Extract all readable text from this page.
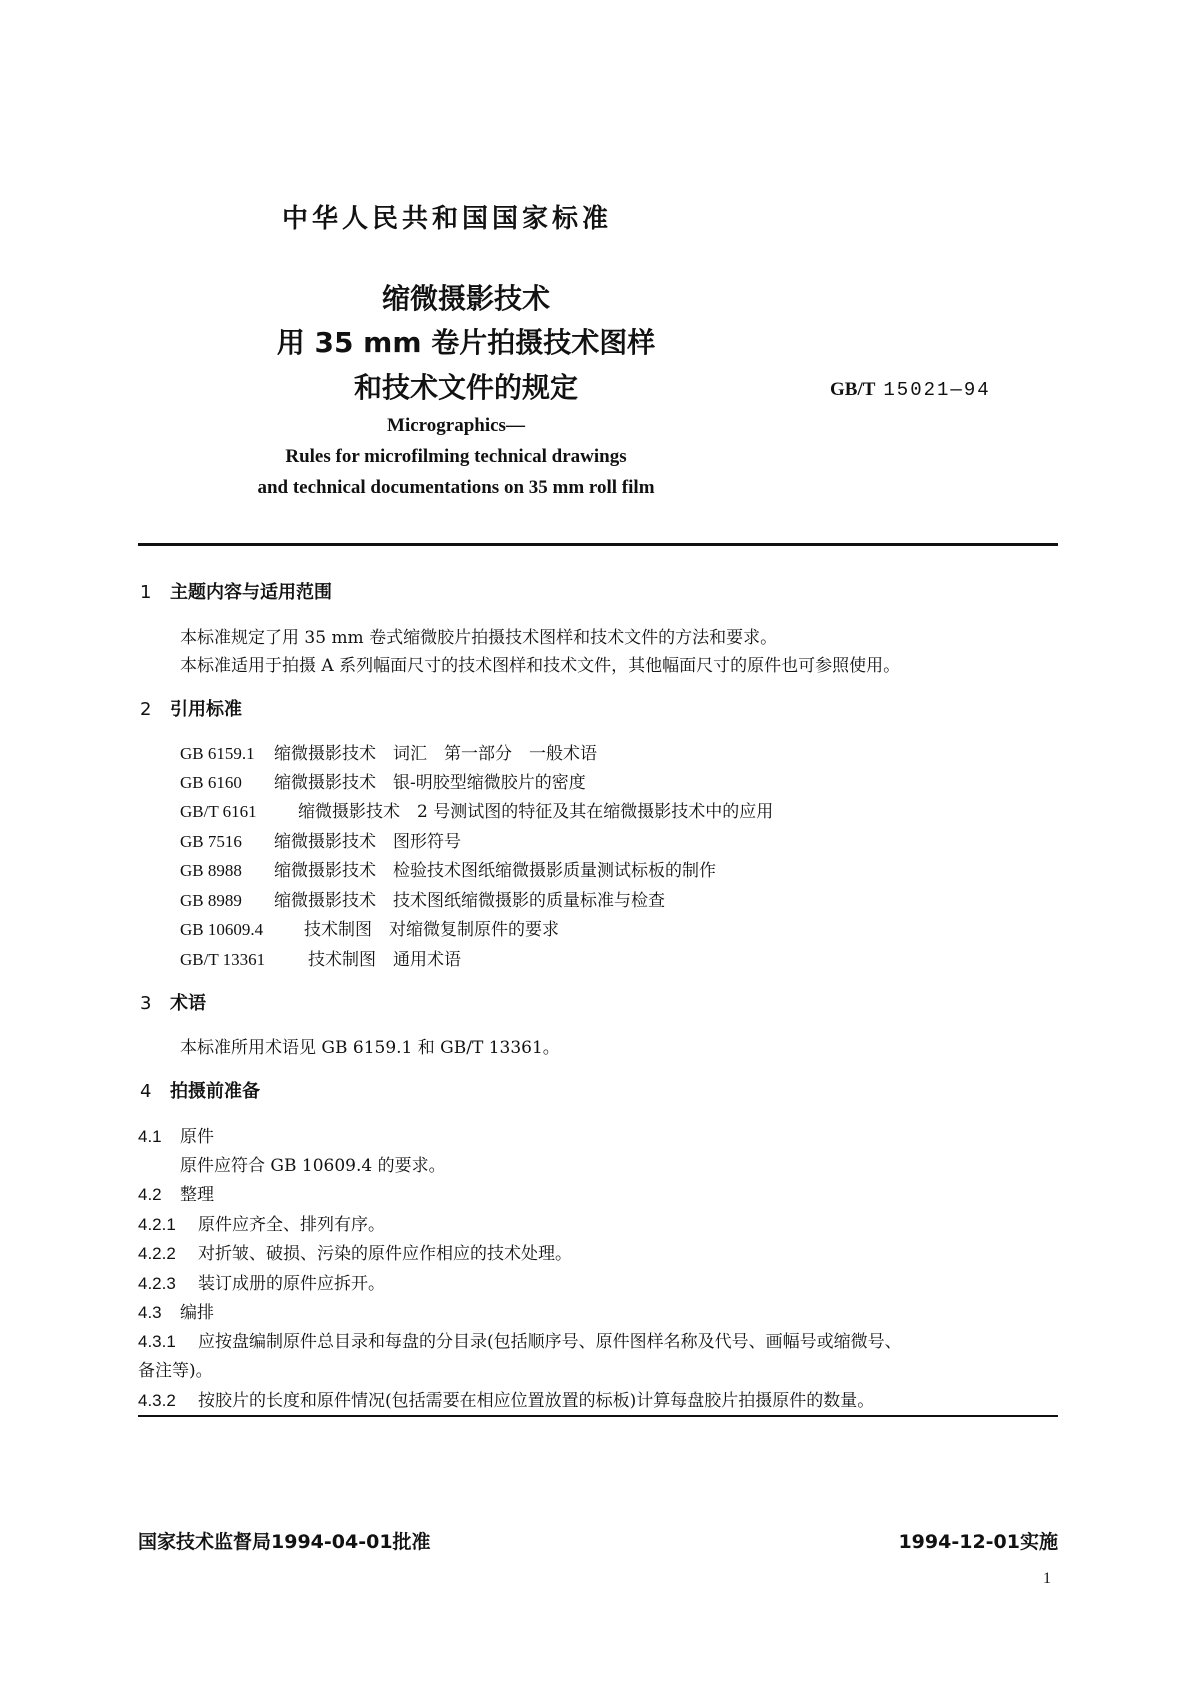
中华人民共和国国家标准
缩微摄影技术
用 35 mm 卷片拍摄技术图样
和技术文件的规定	GB/T 15021—94
Micrographics—
Rules for microfilming technical drawings
and technical documentations on 35 mm roll film
1 主题内容与适用范围
本标准规定了用 35 mm 卷式缩微胶片拍摄技术图样和技术文件的方法和要求。
本标准适用于拍摄 A 系列幅面尺寸的技术图样和技术文件，其他幅面尺寸的原件也可参照使用。
2 引用标准
GB 6159.1 缩微摄影技术　词汇　第一部分　一般术语
GB 6160 缩微摄影技术　银-明胶型缩微胶片的密度
GB/T 6161 缩微摄影技术　2 号测试图的特征及其在缩微摄影技术中的应用
GB 7516 缩微摄影技术　图形符号
GB 8988 缩微摄影技术　检验技术图纸缩微摄影质量测试标板的制作
GB 8989 缩微摄影技术　技术图纸缩微摄影的质量标准与检查
GB 10609.4 技术制图　对缩微复制原件的要求
GB/T 13361	技术制图　通用术语
3 术语
本标准所用术语见 GB 6159.1 和 GB/T 13361。
4 拍摄前准备
4.1 原件
原件应符合 GB 10609.4 的要求。
4.2 整理
4.2.1 原件应齐全、排列有序。
4.2.2 对折皱、破损、污染的原件应作相应的技术处理。
4.2.3 装订成册的原件应拆开。
4.3 编排
4.3.1 应按盘编制原件总目录和每盘的分目录(包括顺序号、原件图样名称及代号、画幅号或缩微号、
备注等)。
4.3.2 按胶片的长度和原件情况(包括需要在相应位置放置的标板)计算每盘胶片拍摄原件的数量。
国家技术监督局1994-04-01批准	1994-12-01实施
1
